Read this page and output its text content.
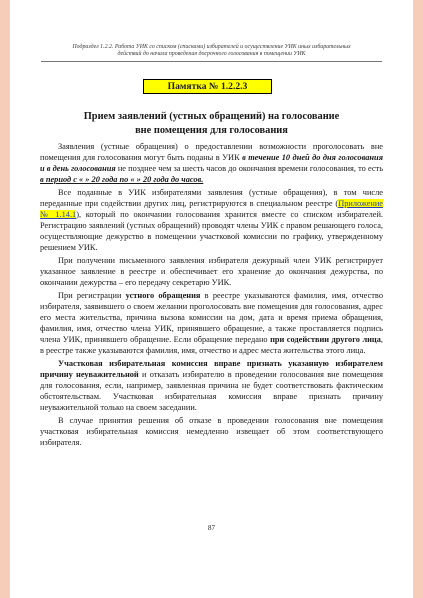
Подраздел 1.2.2. Работа УИК со списком (списками) избирателей и осуществление УИК иных избирательных
действий до начала проведения досрочного голосования в помещении УИК
Памятка № 1.2.2.3
Прием заявлений (устных обращений) на голосование
вне помещения для голосования

Заявления (устные обращения) о предоставлении возможности проголосовать вне помещения для голосования могут быть поданы в УИК в течение 10 дней до дня голосования и в день голосования не позднее чем за шесть часов до окончания времени голосования, то есть в период с « » 20 года по « » 20 года до часов.

Все поданные в УИК избирателями заявления (устные обращения), в том числе переданные при содействии других лиц, регистрируются в специальном реестре (Приложение № 1.14.1), который по окончании голосования хранится вместе со списком избирателей. Регистрацию заявлений (устных обращений) проводят члены УИК с правом решающего голоса, осуществляющие дежурство в помещении участковой комиссии по графику, утвержденному решением УИК.

При получении письменного заявления избирателя дежурный член УИК регистрирует указанное заявление в реестре и обеспечивает его хранение до окончания дежурства, по окончании дежурства – его передачу секретарю УИК.

При регистрации устного обращения в реестре указываются фамилия, имя, отчество избирателя, заявившего о своем желании проголосовать вне помещения для голосования, адрес его места жительства, причина вызова комиссии на дом, дата и время приема обращения, фамилия, имя, отчество члена УИК, принявшего обращение, а также проставляется подпись члена УИК, принявшего обращение. Если обращение передано при содействии другого лица, в реестре также указываются фамилия, имя, отчество и адрес места жительства этого лица.

Участковая избирательная комиссия вправе признать указанную избирателем причину неуважительной и отказать избирателю в проведении голосования вне помещения для голосования, если, например, заявленная причина не будет соответствовать фактическим обстоятельствам. Участковая избирательная комиссия вправе признать причину неуважительной только на своем заседании.

В случае принятия решения об отказе в проведении голосования вне помещения участковая избирательная комиссия немедленно извещает об этом соответствующего избирателя.

87
